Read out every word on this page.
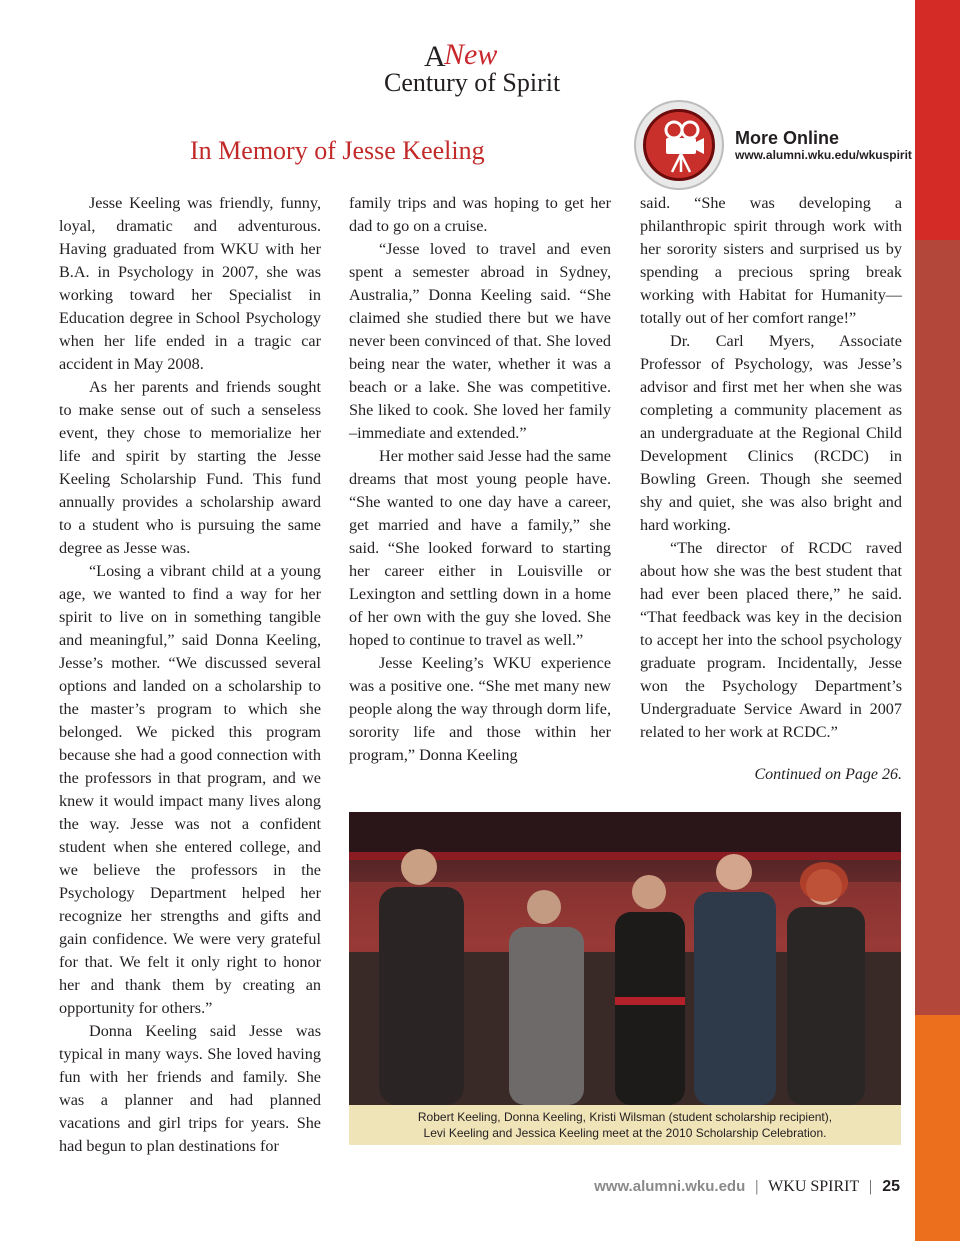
A
New
Century of Spirit
In Memory of Jesse Keeling	More Online
www.alumni.wku.edu/wkuspirit

Jesse Keeling was friendly, funny, loyal, dramatic and adventurous. Having graduated from WKU with her B.A. in Psychology in 2007, she was working toward her Specialist in Education degree in School Psychology when her life ended in a tragic car accident in May 2008.

As her parents and friends sought to make sense out of such a senseless event, they chose to memorialize her life and spirit by starting the Jesse Keeling Scholarship Fund. This fund annually provides a scholarship award to a student who is pursuing the same degree as Jesse was.

“Losing a vibrant child at a young age, we wanted to find a way for her spirit to live on in something tangible and meaningful,” said Donna Keeling, Jesse’s mother. “We discussed several options and landed on a scholarship to the master’s program to which she belonged. We picked this program because she had a good connection with the professors in that program, and we knew it would impact many lives along the way. Jesse was not a confident student when she entered college, and we believe the professors in the Psychology Department helped her recognize her strengths and gifts and gain confidence. We were very grateful for that. We felt it only right to honor her and thank them by creating an opportunity for others.”

Donna Keeling said Jesse was typical in many ways. She loved having fun with her friends and family. She was a planner and had planned vacations and girl trips for years. She had begun to plan destinations for

family trips and was hoping to get her dad to go on a cruise.

“Jesse loved to travel and even spent a semester abroad in Sydney, Australia,” Donna Keeling said. “She claimed she studied there but we have never been convinced of that. She loved being near the water, whether it was a beach or a lake. She was competitive. She liked to cook. She loved her family –immediate and extended.”

Her mother said Jesse had the same dreams that most young people have. “She wanted to one day have a career, get married and have a family,” she said. “She looked forward to starting her career either in Louisville or Lexington and settling down in a home of her own with the guy she loved. She hoped to continue to travel as well.”

Jesse Keeling’s WKU experience was a positive one. “She met many new people along the way through dorm life, sorority life and those within her program,” Donna Keeling

said. “She was developing a philanthropic spirit through work with her sorority sisters and surprised us by spending a precious spring break working with Habitat for Humanity—totally out of her comfort range!”

Dr. Carl Myers, Associate Professor of Psychology, was Jesse’s advisor and first met her when she was completing a community placement as an undergraduate at the Regional Child Development Clinics (RCDC) in Bowling Green. Though she seemed shy and quiet, she was also bright and hard working.

“The director of RCDC raved about how she was the best student that had ever been placed there,” he said. “That feedback was key in the decision to accept her into the school psychology graduate program. Incidentally, Jesse won the Psychology Department’s Undergraduate Service Award in 2007 related to her work at RCDC.”

Continued on Page 26.
Robert Keeling, Donna Keeling, Kristi Wilsman (student scholarship recipient),
Levi Keeling and Jessica Keeling meet at the 2010 Scholarship Celebration.
www.alumni.wku.edu | WKU SPIRIT | 25
